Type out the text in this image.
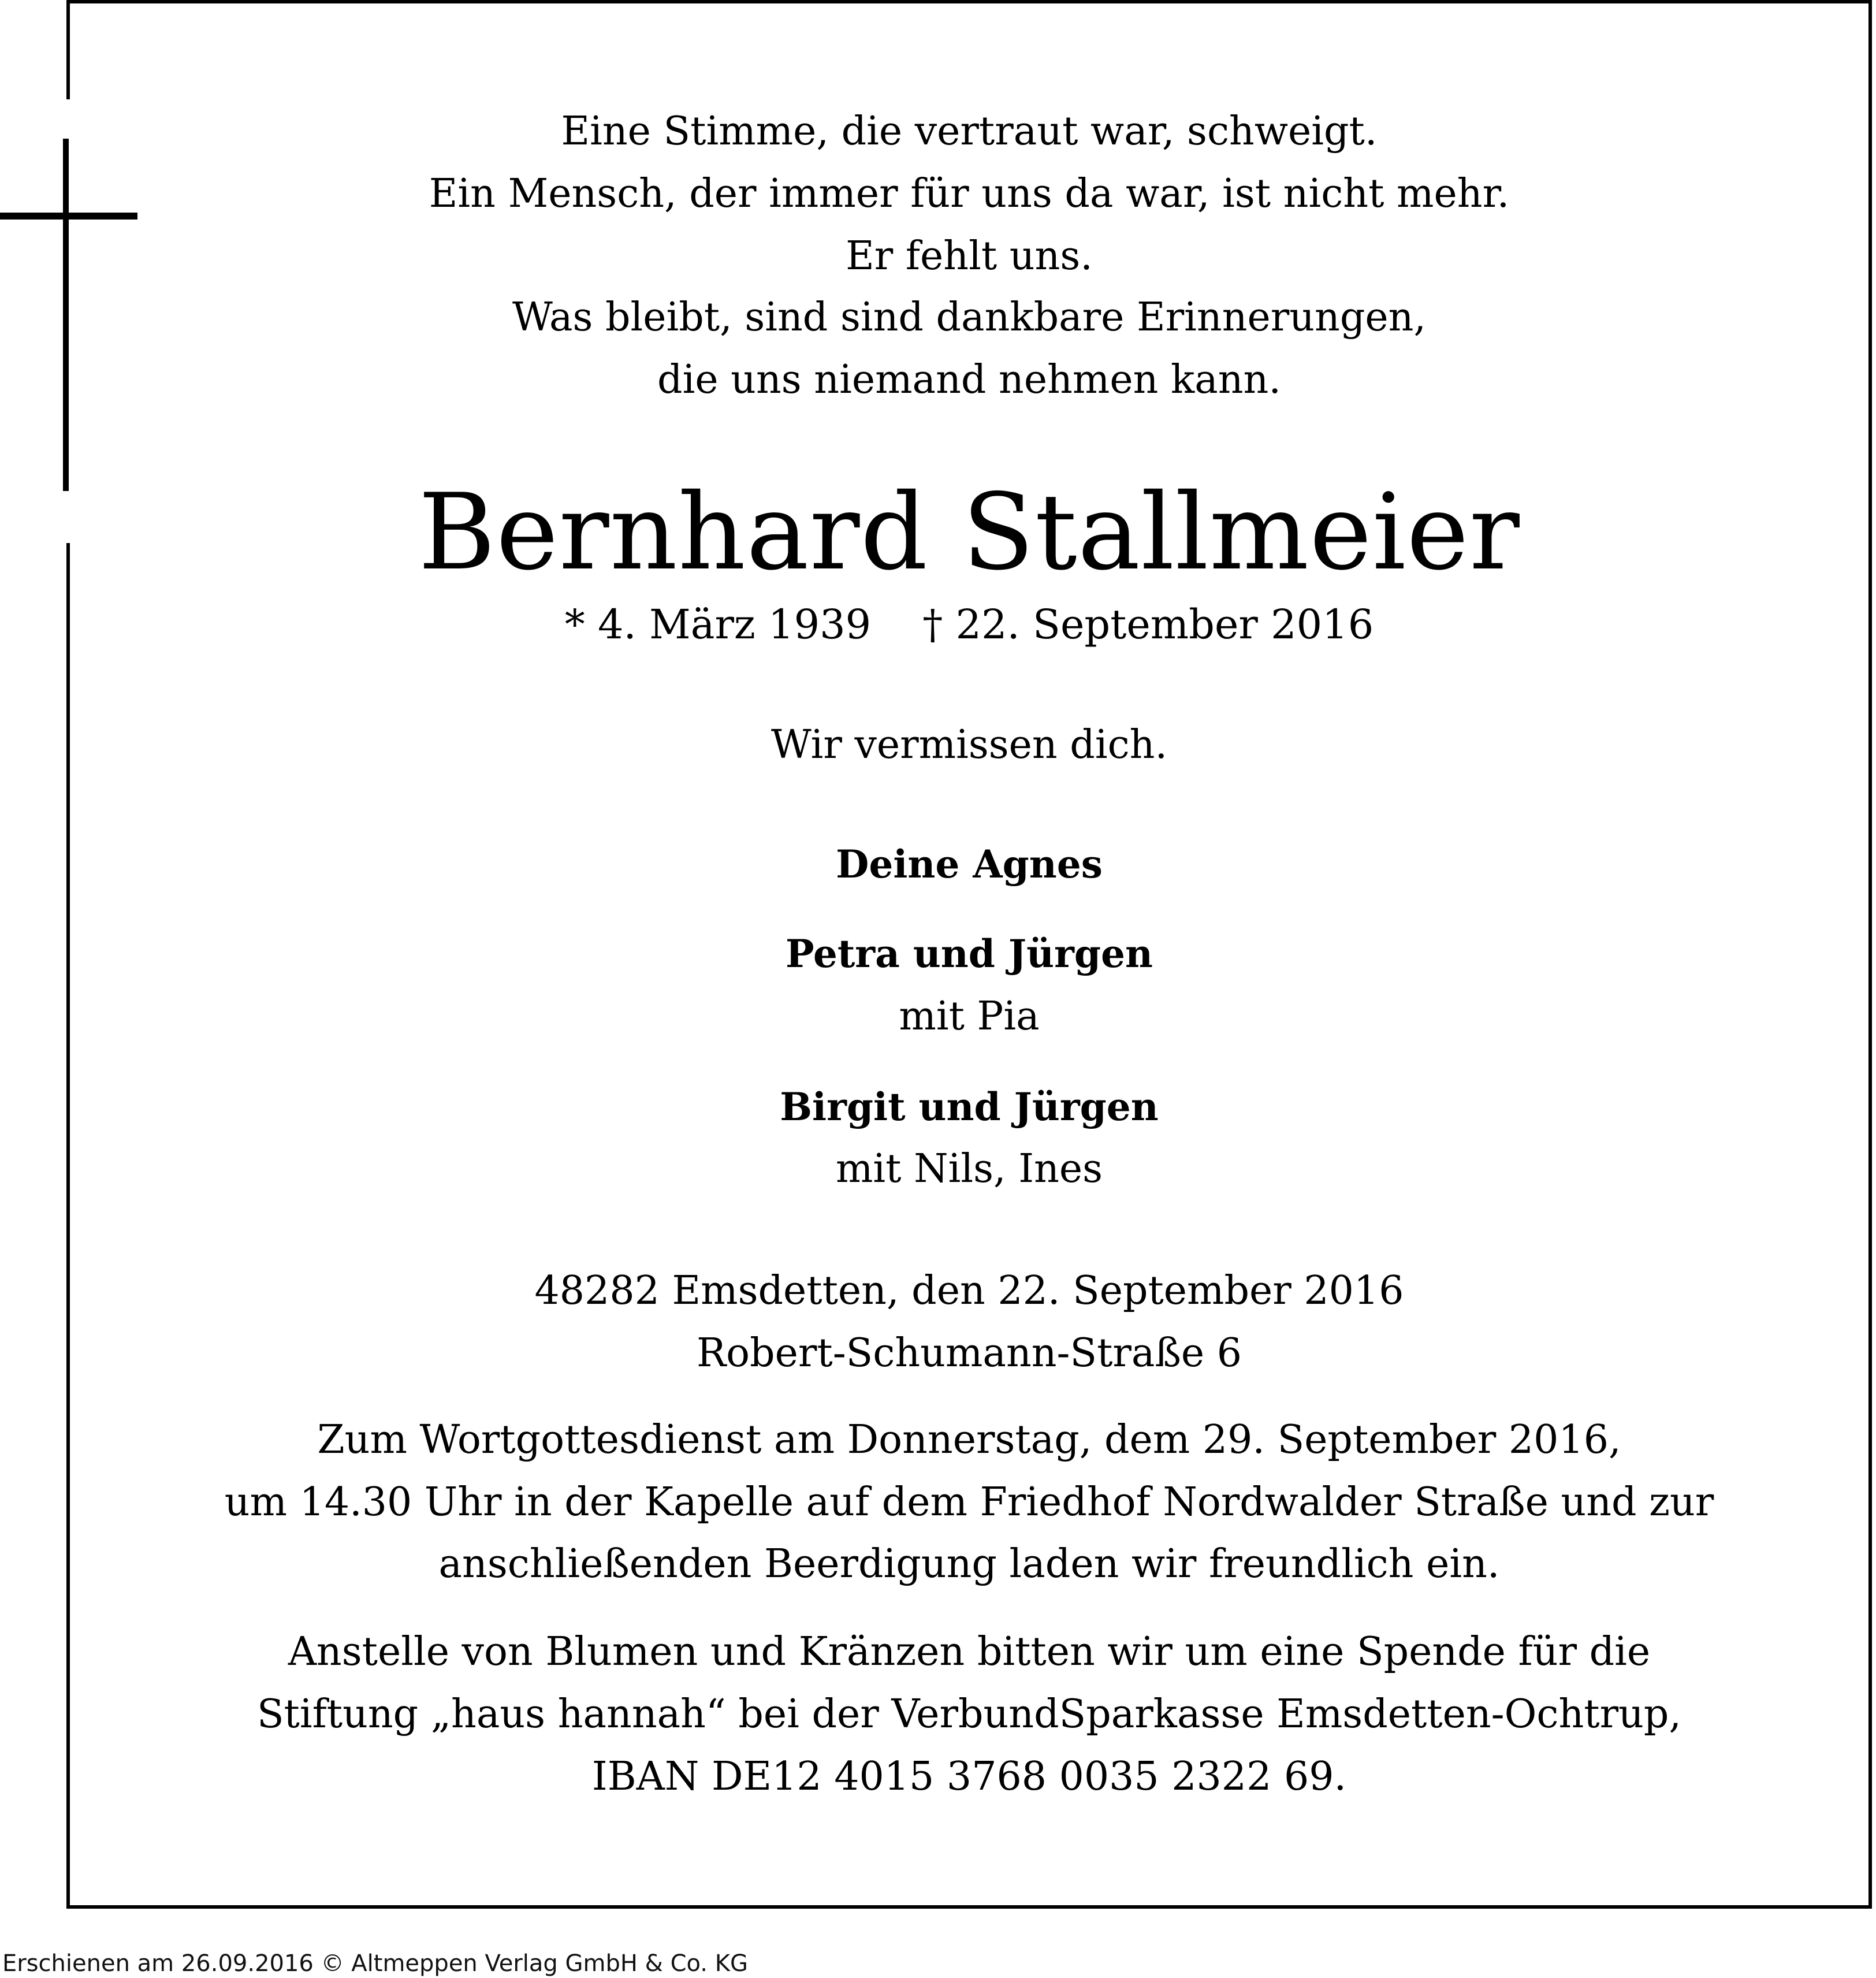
Eine Stimme, die vertraut war, schweigt.
Ein Mensch, der immer für uns da war, ist nicht mehr.
Er fehlt uns.
Was bleibt, sind sind dankbare Erinnerungen,
die uns niemand nehmen kann.
Bernhard Stallmeier
* 4. März 1939    † 22. September 2016
Wir vermissen dich.
Deine Agnes
Petra und Jürgen
mit Pia
Birgit und Jürgen
mit Nils, Ines
48282 Emsdetten, den 22. September 2016
Robert-Schumann-Straße 6
Zum Wortgottesdienst am Donnerstag, dem 29. September 2016,
um 14.30 Uhr in der Kapelle auf dem Friedhof Nordwalder Straße und zur
anschließenden Beerdigung laden wir freundlich ein.
Anstelle von Blumen und Kränzen bitten wir um eine Spende für die
Stiftung „haus hannah“ bei der VerbundSparkasse Emsdetten-Ochtrup,
IBAN DE12 4015 3768 0035 2322 69.
Erschienen am 26.09.2016 © Altmeppen Verlag GmbH & Co. KG
